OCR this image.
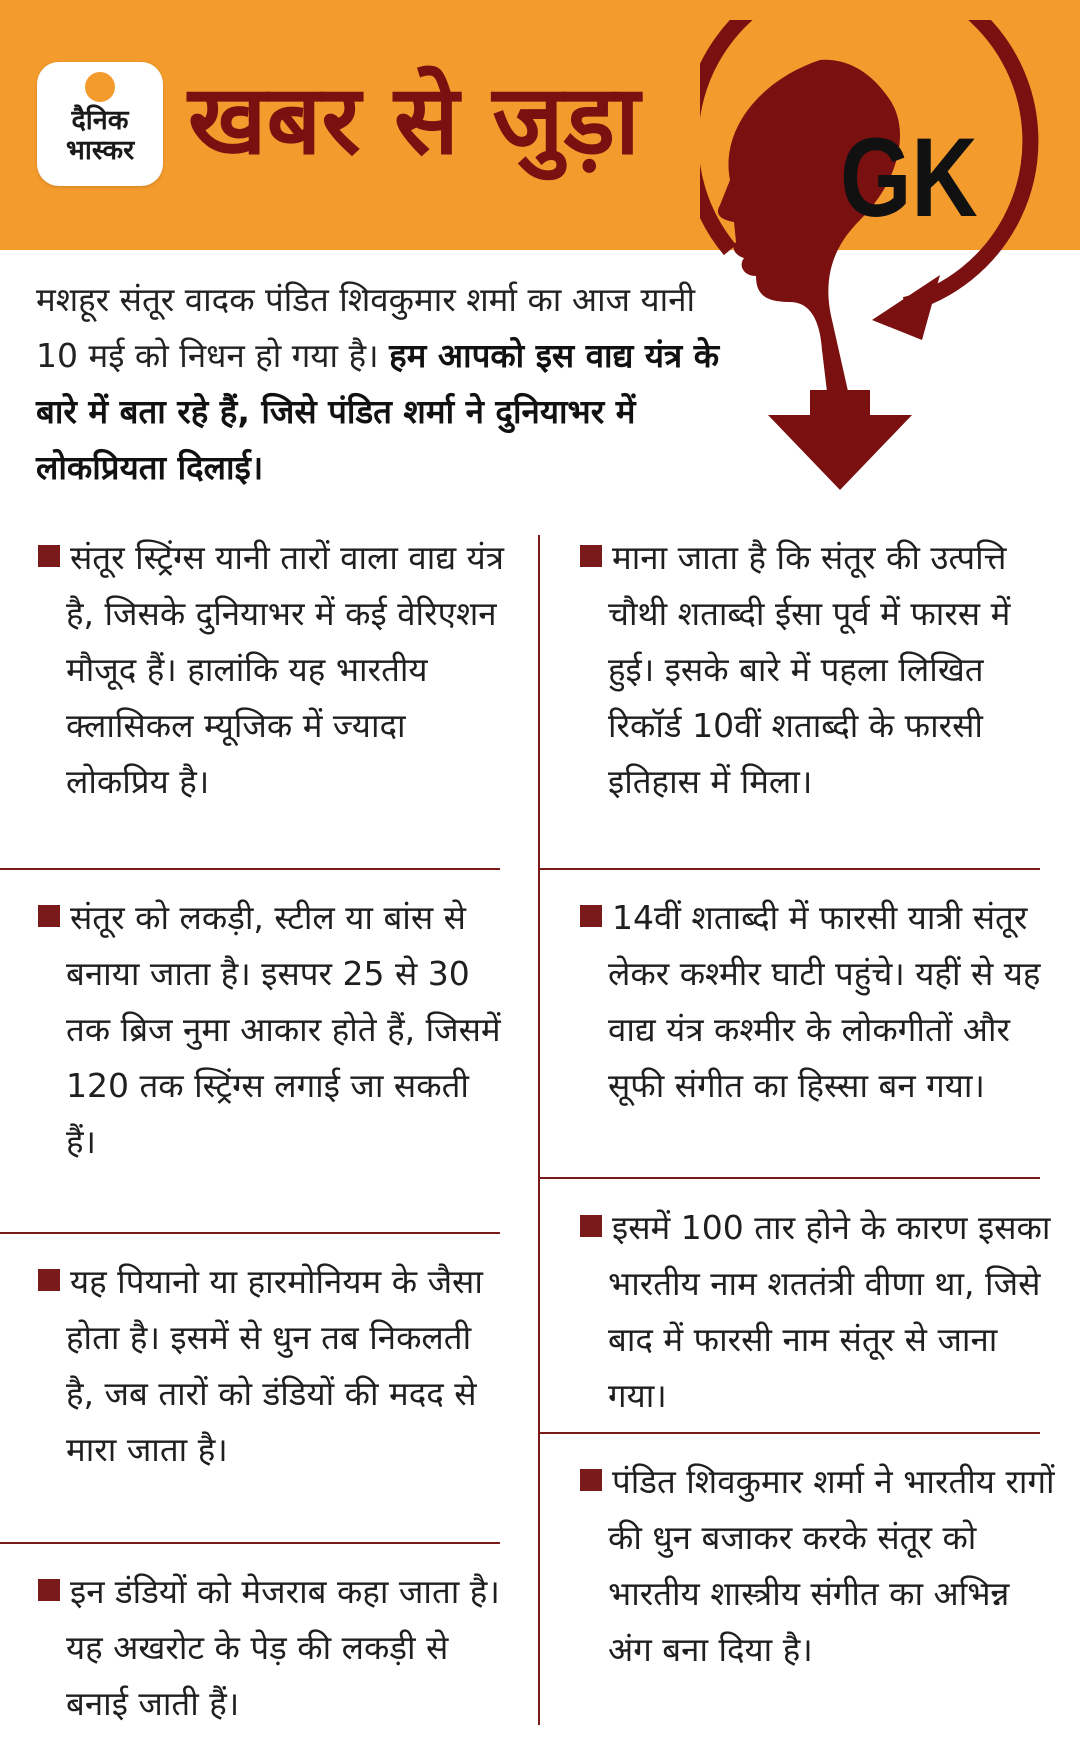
दैनिक
भास्कर खबर से जुड़ा GK
मशहूर संतूर वादक पंडित शिवकुमार शर्मा का आज यानी 10 मई को निधन हो गया है। हम आपको इस वाद्य यंत्र के बारे में बता रहे हैं, जिसे पंडित शर्मा ने दुनियाभर में लोकप्रियता दिलाई।

संतूर स्ट्रिंग्स यानी तारों वाला वाद्य यंत्र है, जिसके दुनियाभर में कई वेरिएशन मौजूद हैं। हालांकि यह भारतीय क्लासिकल म्यूजिक में ज्यादा लोकप्रिय है।

संतूर को लकड़ी, स्टील या बांस से बनाया जाता है। इसपर 25 से 30 तक ब्रिज नुमा आकार होते हैं, जिसमें 120 तक स्ट्रिंग्स लगाई जा सकती हैं।

यह पियानो या हारमोनियम के जैसा होता है। इसमें से धुन तब निकलती है, जब तारों को डंडियों की मदद से मारा जाता है।

इन डंडियों को मेजराब कहा जाता है। यह अखरोट के पेड़ की लकड़ी से बनाई जाती हैं।

माना जाता है कि संतूर की उत्पत्ति चौथी शताब्दी ईसा पूर्व में फारस में हुई। इसके बारे में पहला लिखित रिकॉर्ड 10वीं शताब्दी के फारसी इतिहास में मिला।

14वीं शताब्दी में फारसी यात्री संतूर लेकर कश्मीर घाटी पहुंचे। यहीं से यह वाद्य यंत्र कश्मीर के लोकगीतों और सूफी संगीत का हिस्सा बन गया।

इसमें 100 तार होने के कारण इसका भारतीय नाम शततंत्री वीणा था, जिसे बाद में फारसी नाम संतूर से जाना गया।

पंडित शिवकुमार शर्मा ने भारतीय रागों की धुन बजाकर करके संतूर को भारतीय शास्त्रीय संगीत का अभिन्न अंग बना दिया है।
